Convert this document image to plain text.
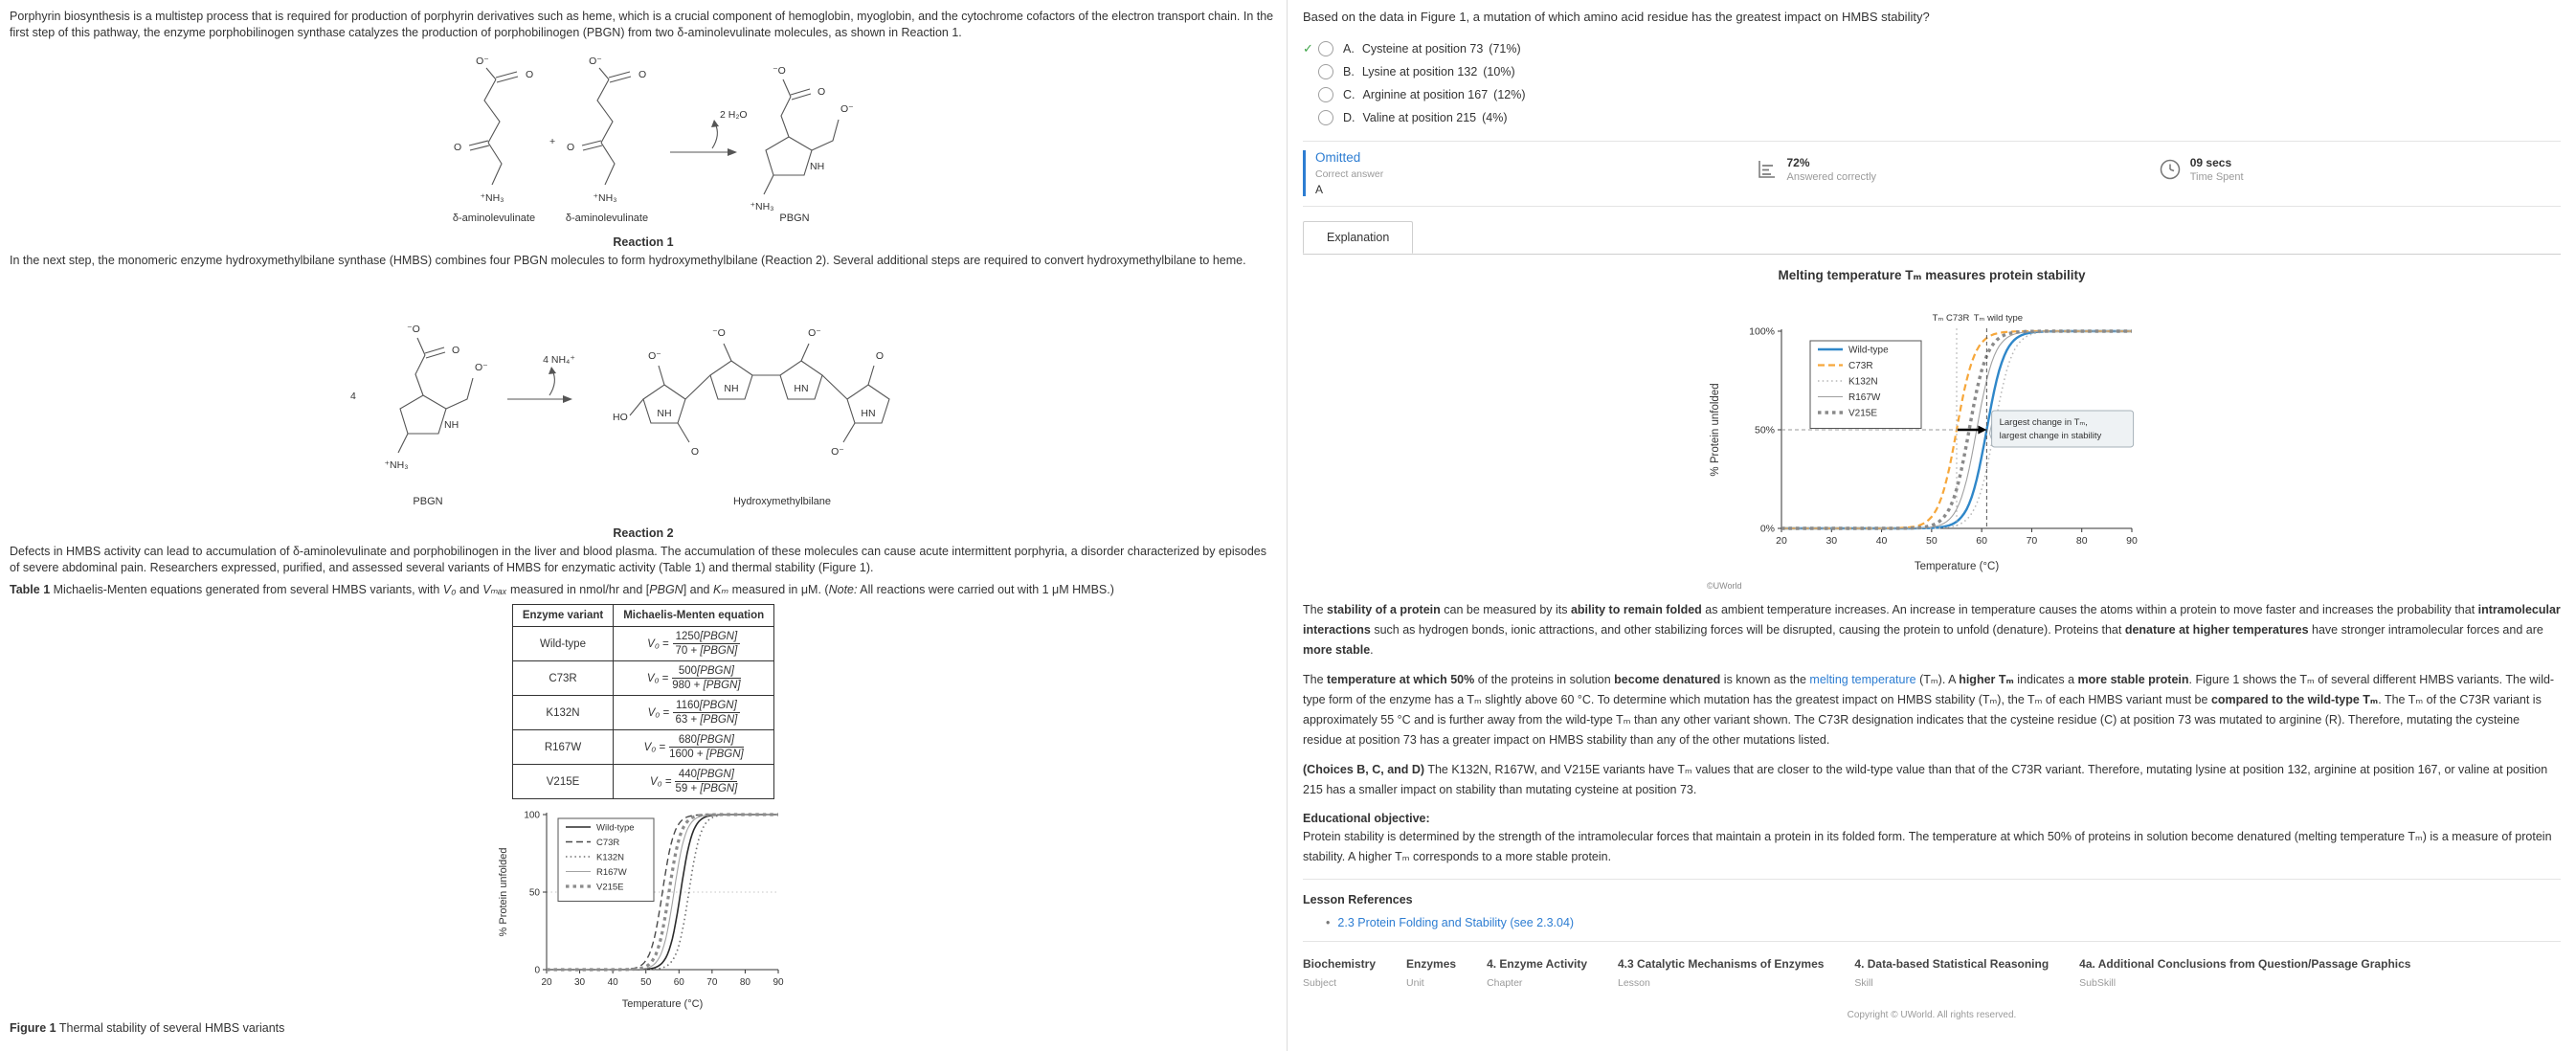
Porphyrin biosynthesis is a multistep process that is required for production of porphyrin derivatives such as heme, which is a crucial component of hemoglobin, myoglobin, and the cytochrome cofactors of the electron transport chain. In the first step of this pathway, the enzyme porphobilinogen synthase catalyzes the production of porphobilinogen (PBGN) from two δ-aminolevulinate molecules, as shown in Reaction 1.

+
2 H₂O
δ-aminolevulinate	δ-aminolevulinate	PBGN
Reaction 1

In the next step, the monomeric enzyme hydroxymethylbilane synthase (HMBS) combines four PBGN molecules to form hydroxymethylbilane (Reaction 2). Several additional steps are required to convert hydroxymethylbilane to heme.

4
PBGN
4 NH₄⁺
Hydroxymethylbilane
Reaction 2

Defects in HMBS activity can lead to accumulation of δ-aminolevulinate and porphobilinogen in the liver and blood plasma. The accumulation of these molecules can cause acute intermittent porphyria, a disorder characterized by episodes of severe abdominal pain. Researchers expressed, purified, and assessed several variants of HMBS for enzymatic activity (Table 1) and thermal stability (Figure 1).

Table 1 Michaelis-Menten equations generated from several HMBS variants, with V₀ and Vₘₐₓ measured in nmol/hr and [PBGN] and Kₘ measured in μM. (Note: All reactions were carried out with 1 μM HMBS.)

Enzyme variant	Michaelis-Menten equation
Wild-type	$V_0 = \frac{\text{1250[PBGN]}}{\text{70 + [PBGN]}}$

C73R	$V_0 = \frac{\text{500[PBGN]}}{\text{980 + [PBGN]}}$

K132N	$V_0 = \frac{\text{1160[PBGN]}}{\text{63 + [PBGN]}}$

R167W	$V_0 = \frac{\text{680[PBGN]}}{\text{1600 + [PBGN]}}$

V215E	$V_0 = \frac{\text{440[PBGN]}}{\text{59 + [PBGN]}}$
20 30 40 50 60 70 80 90
0
50
100
Temperature (°C)
% Protein unfolded
Wild-type
C73R
K132N
R167W
V215E

Figure 1 Thermal stability of several HMBS variants

Based on the data in Figure 1, a mutation of which amino acid residue has the greatest impact on HMBS stability?
✓	A. Cysteine at position 73 (71%)
B. Lysine at position 132 (10%)
C. Arginine at position 167 (12%)
D. Valine at position 215 (4%)
Omitted
Correct answer
A
72%
Answered correctly
09 secs
Time Spent
Explanation
Melting temperature Tₘ measures protein stability
20	30	40	50	60	70	80	90
0%
50%
100%
Temperature (°C)
% Protein unfolded
Tₘ C73R Tₘ wild type
Largest change in Tₘ,
largest change in stability
Wild-type
C73R
K132N
R167W
V215E
©UWorld

The stability of a protein can be measured by its ability to remain folded as ambient temperature increases. An increase in temperature causes the atoms within a protein to move faster and increases the probability that intramolecular interactions such as hydrogen bonds, ionic attractions, and other stabilizing forces will be disrupted, causing the protein to unfold (denature). Proteins that denature at higher temperatures have stronger intramolecular forces and are more stable.

The temperature at which 50% of the proteins in solution become denatured is known as the melting temperature (Tₘ). A higher Tₘ indicates a more stable protein. Figure 1 shows the Tₘ of several different HMBS variants. The wild-type form of the enzyme has a Tₘ slightly above 60 °C. To determine which mutation has the greatest impact on HMBS stability (Tₘ), the Tₘ of each HMBS variant must be compared to the wild-type Tₘ. The Tₘ of the C73R variant is approximately 55 °C and is further away from the wild-type Tₘ than any other variant shown. The C73R designation indicates that the cysteine residue (C) at position 73 was mutated to arginine (R). Therefore, mutating the cysteine residue at position 73 has a greater impact on HMBS stability than any of the other mutations listed.

(Choices B, C, and D) The K132N, R167W, and V215E variants have Tₘ values that are closer to the wild-type value than that of the C73R variant. Therefore, mutating lysine at position 132, arginine at position 167, or valine at position 215 has a smaller impact on stability than mutating cysteine at position 73.

Educational objective:

Protein stability is determined by the strength of the intramolecular forces that maintain a protein in its folded form. The temperature at which 50% of proteins in solution become denatured (melting temperature Tₘ) is a measure of protein stability. A higher Tₘ corresponds to a more stable protein.

Lesson References
• 2.3 Protein Folding and Stability (see 2.3.04)
Biochemistry
Subject
Enzymes
Unit
4. Enzyme Activity
Chapter
4.3 Catalytic Mechanisms of Enzymes
Lesson
4. Data-based Statistical Reasoning
Skill
4a. Additional Conclusions from Question/Passage Graphics
SubSkill
Copyright © UWorld. All rights reserved.
